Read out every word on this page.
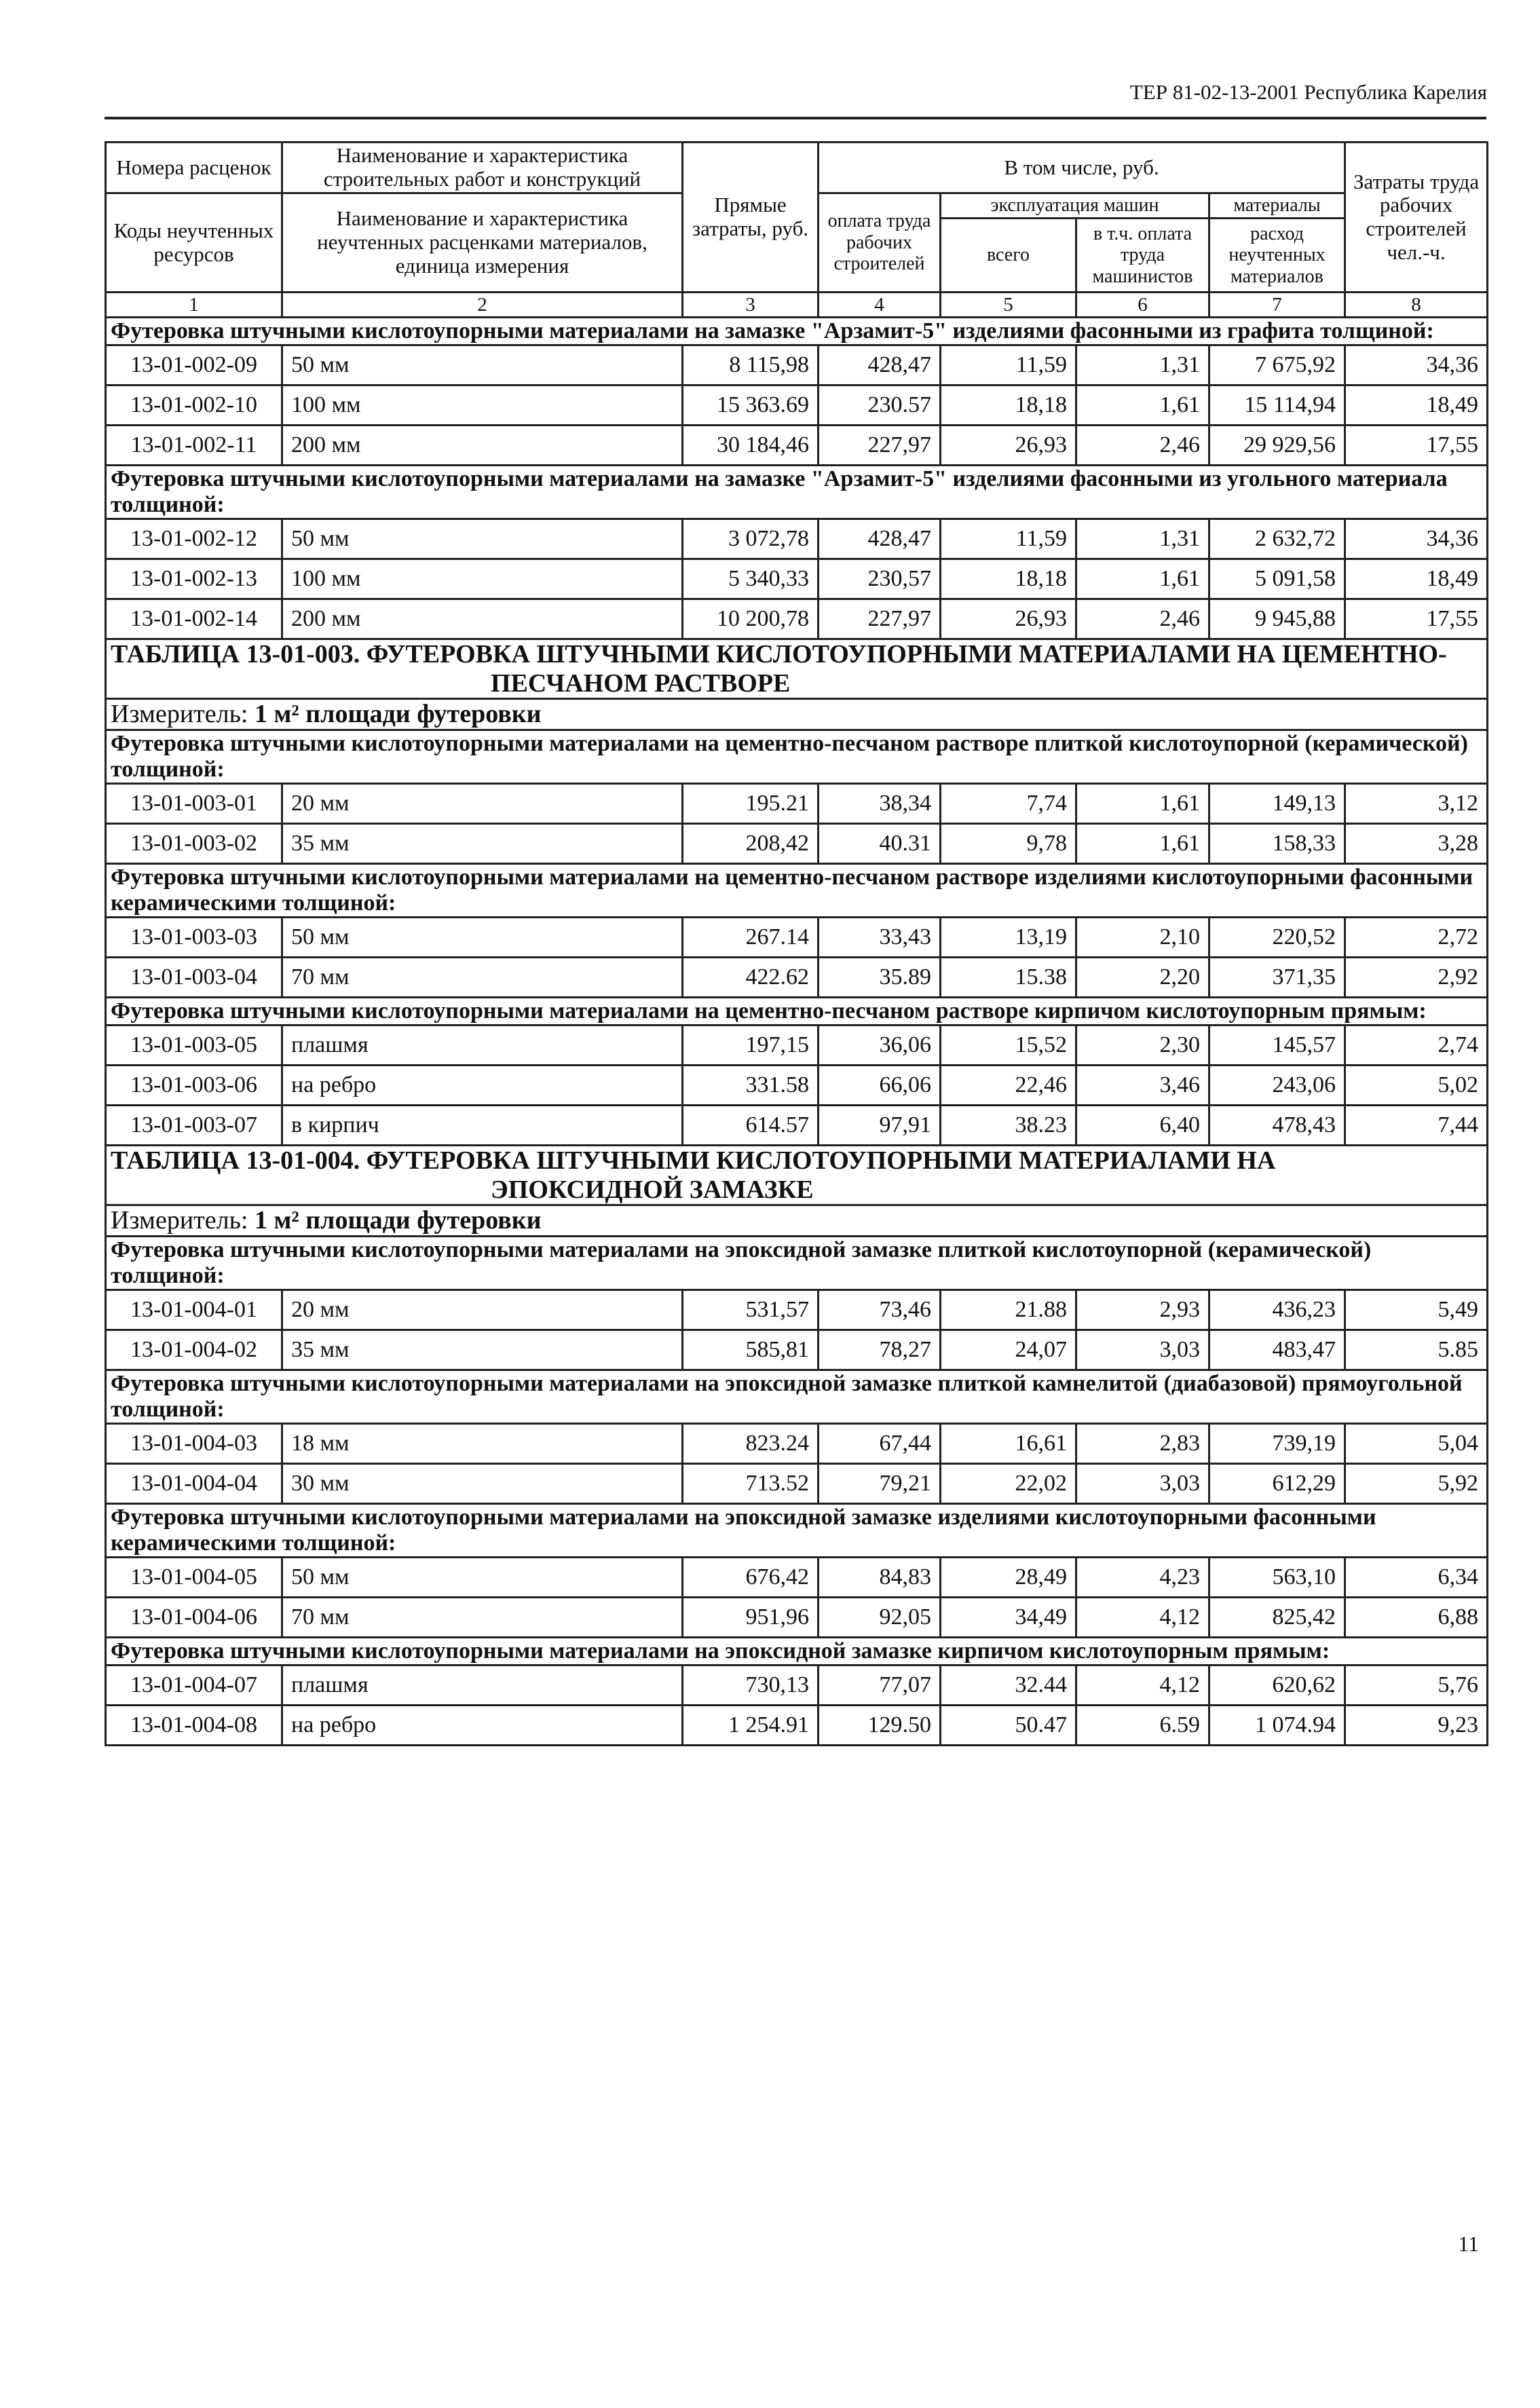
ТЕР 81-02-13-2001 Республика Карелия
Номера расценок	Наименование и характеристика строительных работ и конструкций	Прямые затраты, руб.	В том числе, руб.				Затраты труда рабочих строителей чел.-ч.
Коды неучтенных ресурсов	Наименование и характеристика неучтенных расценками материалов, единица измерения		оплата труда рабочих строителей	эксплуатация машин		материалы	
				всего	в т.ч. оплата труда машинистов	расход неучтенных материалов	
1	2	3	4	5	6	7	8
Футеровка штучными кислотоупорными материалами на замазке "Арзамит-5" изделиями фасонными из графита толщиной:							
13-01-002-09	50 мм	8 115,98	428,47	11,59	1,31	7 675,92	34,36
13-01-002-10	100 мм	15 363.69	230.57	18,18	1,61	15 114,94	18,49
13-01-002-11	200 мм	30 184,46	227,97	26,93	2,46	29 929,56	17,55
Футеровка штучными кислотоупорными материалами на замазке "Арзамит-5" изделиями фасонными из угольного материала толщиной:							
13-01-002-12	50 мм	3 072,78	428,47	11,59	1,31	2 632,72	34,36
13-01-002-13	100 мм	5 340,33	230,57	18,18	1,61	5 091,58	18,49
13-01-002-14	200 мм	10 200,78	227,97	26,93	2,46	9 945,88	17,55
ТАБЛИЦА 13-01-003. ФУТЕРОВКА ШТУЧНЫМИ КИСЛОТОУПОРНЫМИ МАТЕРИАЛАМИ НА ЦЕМЕНТНО-
ПЕСЧАНОМ РАСТВОРЕ							

Измеритель: 1 м² площади футеровки							
Футеровка штучными кислотоупорными материалами на цементно-песчаном растворе плиткой кислотоупорной (керамической) толщиной:							
13-01-003-01	20 мм	195.21	38,34	7,74	1,61	149,13	3,12
13-01-003-02	35 мм	208,42	40.31	9,78	1,61	158,33	3,28
Футеровка штучными кислотоупорными материалами на цементно-песчаном растворе изделиями кислотоупорными фасонными керамическими толщиной:							
13-01-003-03	50 мм	267.14	33,43	13,19	2,10	220,52	2,72
13-01-003-04	70 мм	422.62	35.89	15.38	2,20	371,35	2,92
Футеровка штучными кислотоупорными материалами на цементно-песчаном растворе кирпичом кислотоупорным прямым:							
13-01-003-05	плашмя	197,15	36,06	15,52	2,30	145,57	2,74
13-01-003-06	на ребро	331.58	66,06	22,46	3,46	243,06	5,02
13-01-003-07	в кирпич	614.57	97,91	38.23	6,40	478,43	7,44
ТАБЛИЦА 13-01-004. ФУТЕРОВКА ШТУЧНЫМИ КИСЛОТОУПОРНЫМИ МАТЕРИАЛАМИ НА
ЭПОКСИДНОЙ ЗАМАЗКЕ							

Измеритель: 1 м² площади футеровки							
Футеровка штучными кислотоупорными материалами на эпоксидной замазке плиткой кислотоупорной (керамической) толщиной:							
13-01-004-01	20 мм	531,57	73,46	21.88	2,93	436,23	5,49
13-01-004-02	35 мм	585,81	78,27	24,07	3,03	483,47	5.85
Футеровка штучными кислотоупорными материалами на эпоксидной замазке плиткой камнелитой (диабазовой) прямоугольной толщиной:							
13-01-004-03	18 мм	823.24	67,44	16,61	2,83	739,19	5,04
13-01-004-04	30 мм	713.52	79,21	22,02	3,03	612,29	5,92
Футеровка штучными кислотоупорными материалами на эпоксидной замазке изделиями кислотоупорными фасонными керамическими толщиной:							
13-01-004-05	50 мм	676,42	84,83	28,49	4,23	563,10	6,34
13-01-004-06	70 мм	951,96	92,05	34,49	4,12	825,42	6,88
Футеровка штучными кислотоупорными материалами на эпоксидной замазке кирпичом кислотоупорным прямым:							
13-01-004-07	плашмя	730,13	77,07	32.44	4,12	620,62	5,76
13-01-004-08	на ребро	1 254.91	129.50	50.47	6.59	1 074.94	9,23
11
